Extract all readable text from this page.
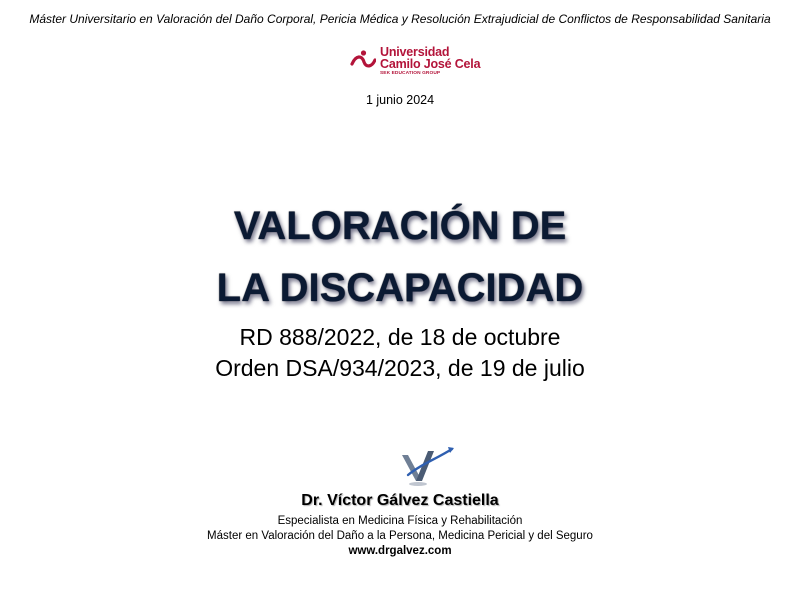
Máster Universitario en Valoración del Daño Corporal, Pericia Médica y Resolución Extrajudicial de Conflictos de Responsabilidad Sanitaria
Universidad
Camilo José Cela
SEK EDUCATION GROUP
1 junio 2024
VALORACIÓN DE
LA DISCAPACIDAD
RD 888/2022, de 18 de octubre
Orden DSA/934/2023, de 19 de julio
Dr. Víctor Gálvez Castiella
Especialista en Medicina Física y Rehabilitación
Máster en Valoración del Daño a la Persona, Medicina Pericial y del Seguro
www.drgalvez.com
